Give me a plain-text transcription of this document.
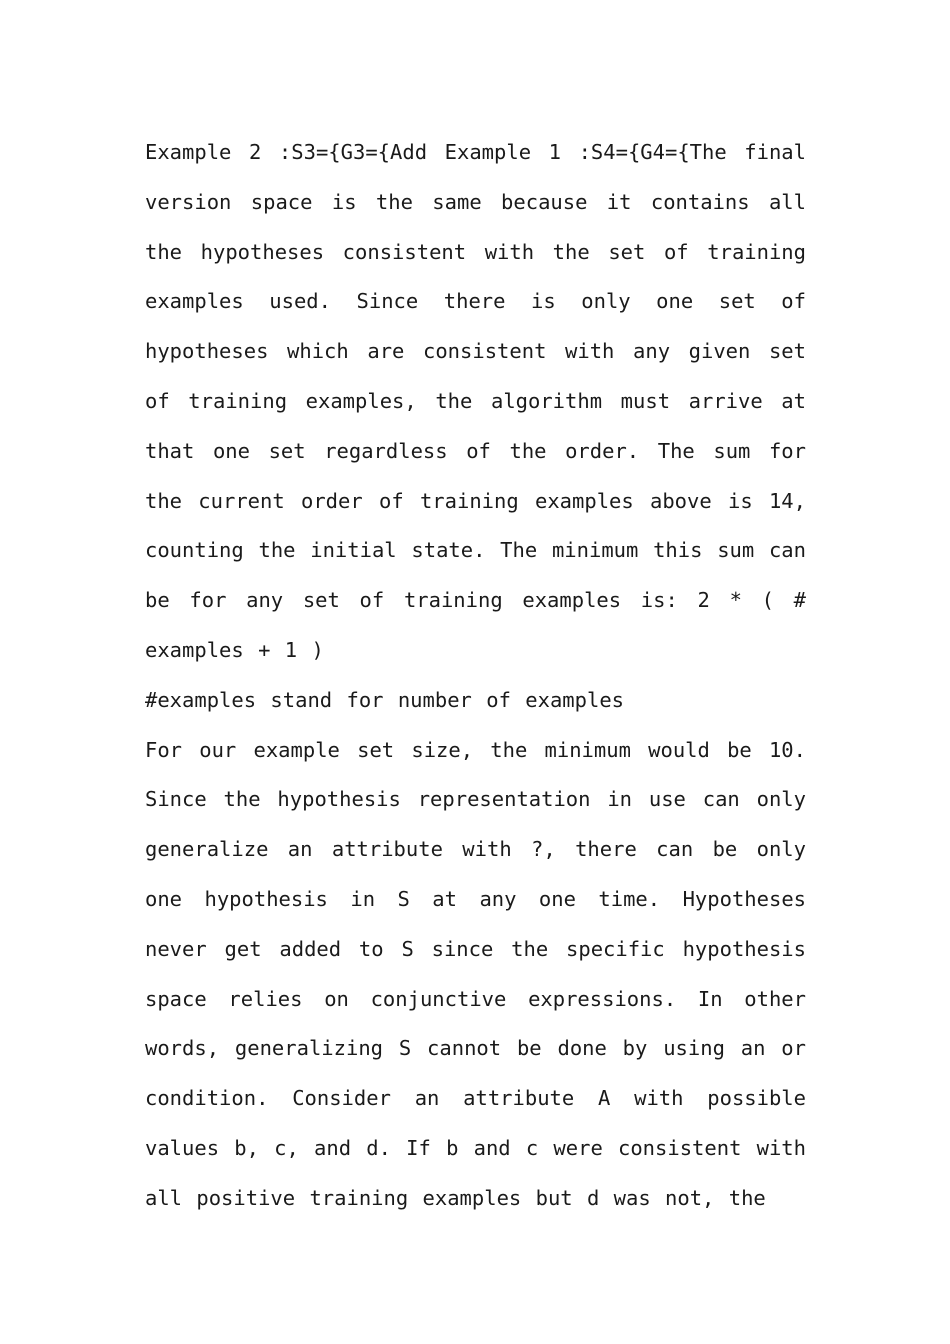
Example 2 :S3={G3={Add Example 1 :S4={G4={The final version space is the same because it contains all the hypotheses consistent with the set of training examples used. Since there is only one set of hypotheses which are consistent with any given set of training examples, the algorithm must arrive at that one set regardless of the order. The sum for the current order of training examples above is 14, counting the initial state. The minimum this sum can be for any set of training examples is: 2 * ( # examples + 1 )

#examples stand for number of examples

For our example set size, the minimum would be 10. Since the hypothesis representation in use can only generalize an attribute with ?, there can be only one hypothesis in S at any one time. Hypotheses never get added to S since the specific hypothesis space relies on conjunctive expressions. In other words, generalizing S cannot be done by using an or condition. Consider an attribute A with possible values b, c, and d. If b and c were consistent with all positive training examples but d was not, the
